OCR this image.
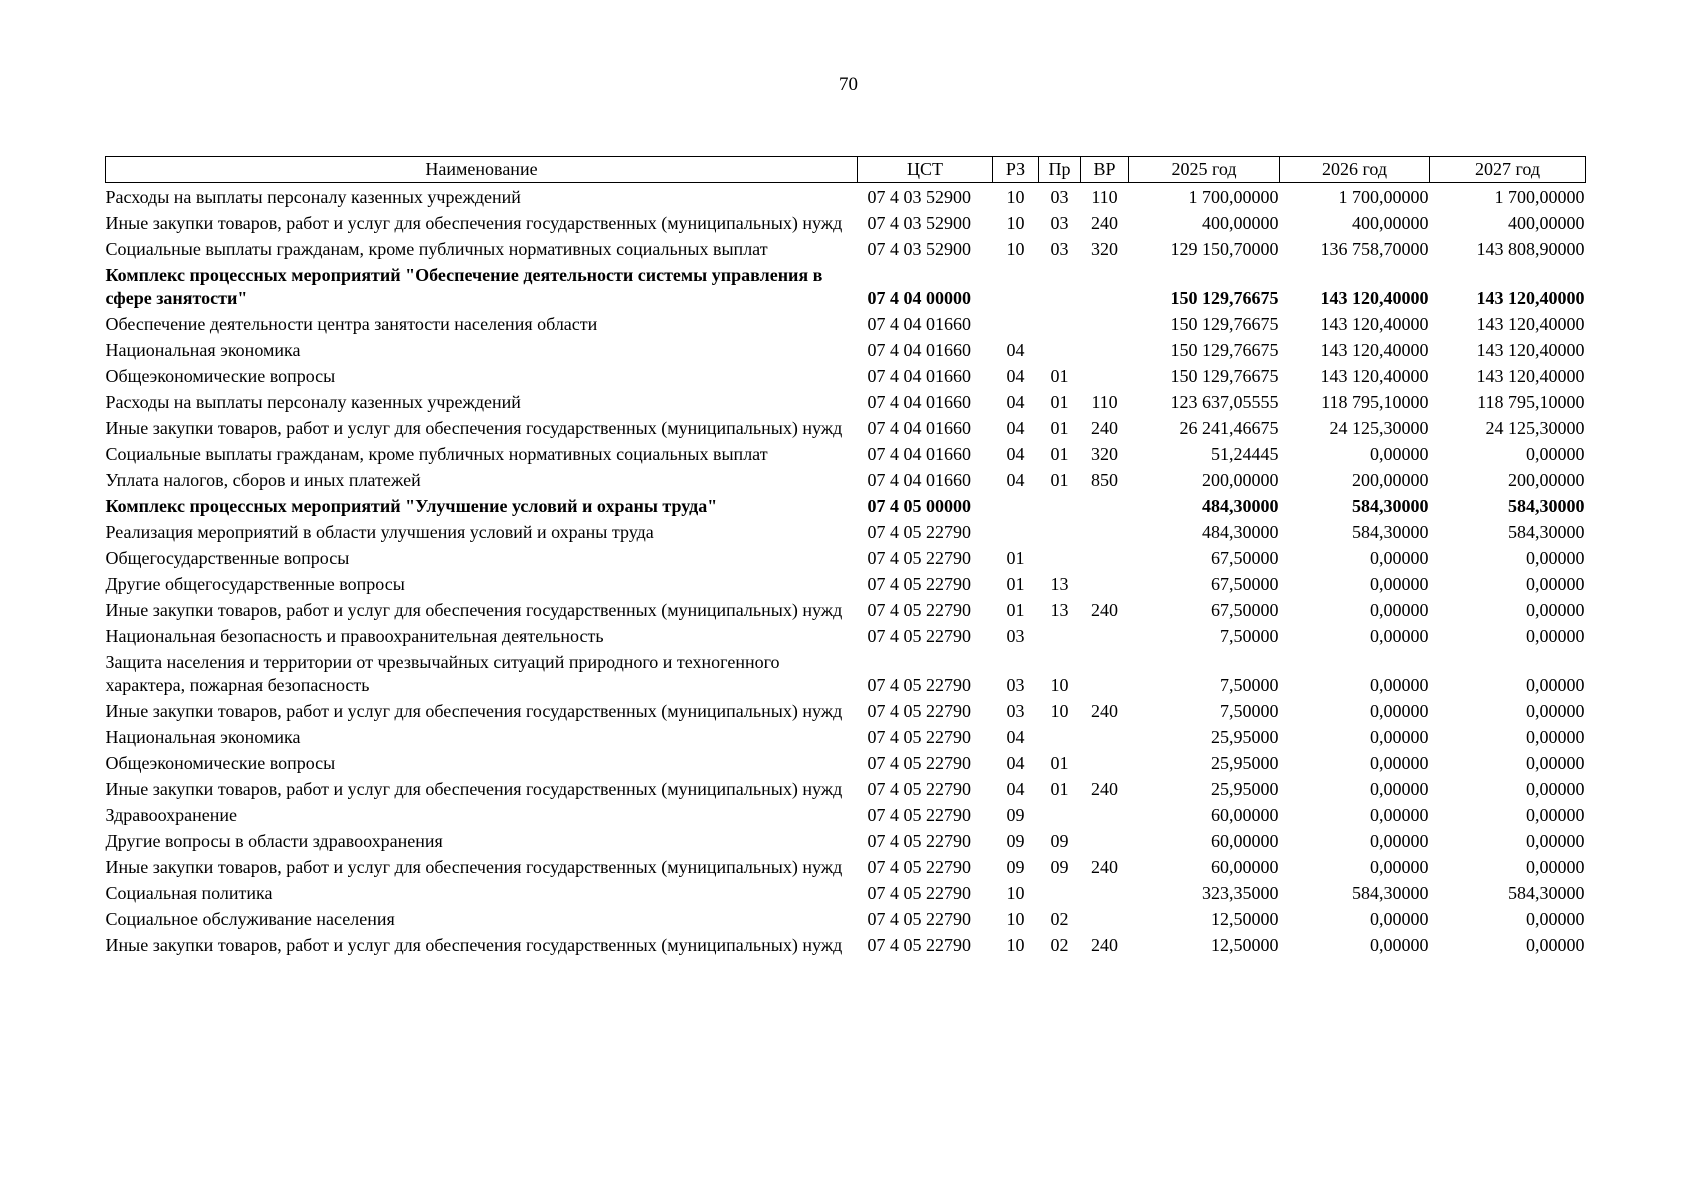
70
Наименование	ЦСТ	РЗ	Пр	ВР	2025 год	2026 год	2027 год
Расходы на выплаты персоналу казенных учреждений	07 4 03 52900	10	03	110	1 700,00000	1 700,00000	1 700,00000
Иные закупки товаров, работ и услуг для обеспечения государственных (муниципальных) нужд	07 4 03 52900	10	03	240	400,00000	400,00000	400,00000
Социальные выплаты гражданам, кроме публичных нормативных социальных выплат	07 4 03 52900	10	03	320	129 150,70000	136 758,70000	143 808,90000
Комплекс процессных мероприятий "Обеспечение деятельности системы управления в сфере занятости"	07 4 04 00000				150 129,76675	143 120,40000	143 120,40000
Обеспечение деятельности центра занятости населения области	07 4 04 01660				150 129,76675	143 120,40000	143 120,40000
Национальная экономика	07 4 04 01660	04			150 129,76675	143 120,40000	143 120,40000
Общеэкономические вопросы	07 4 04 01660	04	01		150 129,76675	143 120,40000	143 120,40000
Расходы на выплаты персоналу казенных учреждений	07 4 04 01660	04	01	110	123 637,05555	118 795,10000	118 795,10000
Иные закупки товаров, работ и услуг для обеспечения государственных (муниципальных) нужд	07 4 04 01660	04	01	240	26 241,46675	24 125,30000	24 125,30000
Социальные выплаты гражданам, кроме публичных нормативных социальных выплат	07 4 04 01660	04	01	320	51,24445	0,00000	0,00000
Уплата налогов, сборов и иных платежей	07 4 04 01660	04	01	850	200,00000	200,00000	200,00000
Комплекс процессных мероприятий "Улучшение условий и охраны труда"	07 4 05 00000				484,30000	584,30000	584,30000
Реализация мероприятий в области улучшения условий и охраны труда	07 4 05 22790				484,30000	584,30000	584,30000
Общегосударственные вопросы	07 4 05 22790	01			67,50000	0,00000	0,00000
Другие общегосударственные вопросы	07 4 05 22790	01	13		67,50000	0,00000	0,00000
Иные закупки товаров, работ и услуг для обеспечения государственных (муниципальных) нужд	07 4 05 22790	01	13	240	67,50000	0,00000	0,00000
Национальная безопасность и правоохранительная деятельность	07 4 05 22790	03			7,50000	0,00000	0,00000
Защита населения и территории от чрезвычайных ситуаций природного и техногенного характера, пожарная безопасность	07 4 05 22790	03	10		7,50000	0,00000	0,00000
Иные закупки товаров, работ и услуг для обеспечения государственных (муниципальных) нужд	07 4 05 22790	03	10	240	7,50000	0,00000	0,00000
Национальная экономика	07 4 05 22790	04			25,95000	0,00000	0,00000
Общеэкономические вопросы	07 4 05 22790	04	01		25,95000	0,00000	0,00000
Иные закупки товаров, работ и услуг для обеспечения государственных (муниципальных) нужд	07 4 05 22790	04	01	240	25,95000	0,00000	0,00000
Здравоохранение	07 4 05 22790	09			60,00000	0,00000	0,00000
Другие вопросы в области здравоохранения	07 4 05 22790	09	09		60,00000	0,00000	0,00000
Иные закупки товаров, работ и услуг для обеспечения государственных (муниципальных) нужд	07 4 05 22790	09	09	240	60,00000	0,00000	0,00000
Социальная политика	07 4 05 22790	10			323,35000	584,30000	584,30000
Социальное обслуживание населения	07 4 05 22790	10	02		12,50000	0,00000	0,00000
Иные закупки товаров, работ и услуг для обеспечения государственных (муниципальных) нужд	07 4 05 22790	10	02	240	12,50000	0,00000	0,00000
